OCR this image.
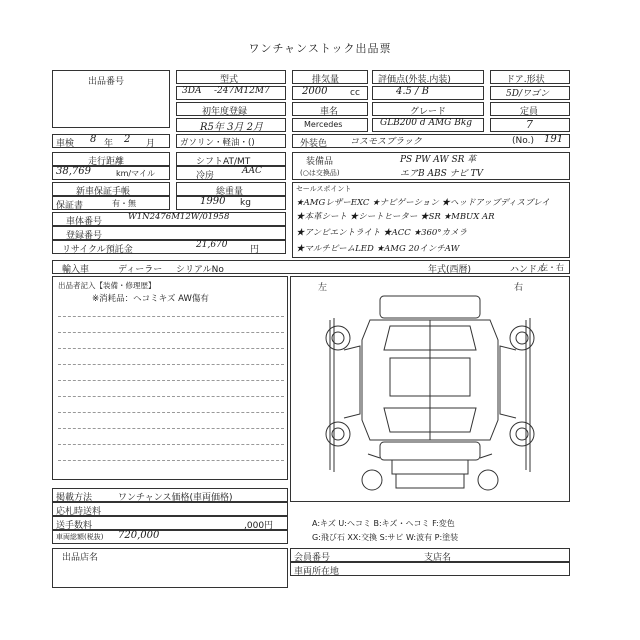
ワンチャンストック出品票
出品番号	型式
3DA -247M12M7
初年度登録
R5年 3月 2月
排気量
2000	cc
車名
Mercedes
評価点(外装.内装)
4.5 / B
グレード
GLB200 d AMG Bkg
ドア.形状
5D/ワゴン
定員
7
車検 8 年 2 月	ガソリン・軽油・()	外装色	コスモスブラック	(No.) 191
走行距離
38,769	km/マイル
シフトAT/MT
冷房	AAC
装備品	PS PW AW SR 革
(○は交換品)	エアB ABS ナビ TV
新車保証手帳
保証書	有・無
総重量
1990 kg
セールスポイント
★AMGレザーEXC ★ナビゲーション ★ヘッドアップディスプレイ
★本革シート ★シートヒーター ★SR ★MBUX AR
★アンビエントライト ★ACC ★360°カメラ
★マルチビームLED ★AMG 20インチAW
車体番号	W1N2476M12W/01958
登録番号
リサイクル預託金	21,670	円
輸入車	ディーラー シリアルNo	年式(西暦)	ハンドル
左・右
出品者記入【装備・修理歴】
※消耗品：ヘコミキズ AW傷有
左	右
A:キズ U:ヘコミ B:キズ・ヘコミ F:変色
G:飛び石 XX:交換 S:サビ W:波有 P:塗装
掲載方法	ワンチャンス価格(車両価格)
応札時送料
送手数料	,000円
車両総額(税抜) 720,000
出品店名	会員番号	支店名
車両所在地
